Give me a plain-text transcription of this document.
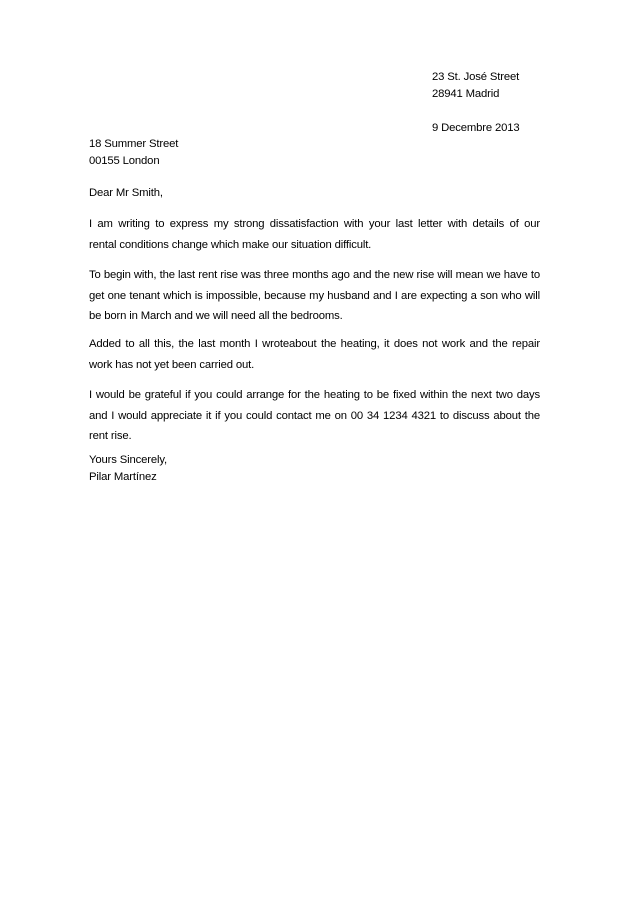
23 St. José Street
28941 Madrid
9 Decembre 2013
18 Summer Street
00155 London
Dear Mr Smith,
I am writing to express my strong dissatisfaction with your last letter with details of our
rental conditions change which make our situation difficult.
To begin with, the last rent rise was three months ago and the new rise will mean we have to
get one tenant which is impossible, because my husband and I are expecting a son who will
be born in March and we will need all the bedrooms.
Added to all this, the last month I wroteabout the heating, it does not work and the repair
work has not yet been carried out.
I would be grateful if you could arrange for the heating to be fixed within the next two days
and I would appreciate it if you could contact me on 00 34 1234 4321 to discuss about the
rent rise.
Yours Sincerely,
Pilar Martínez
